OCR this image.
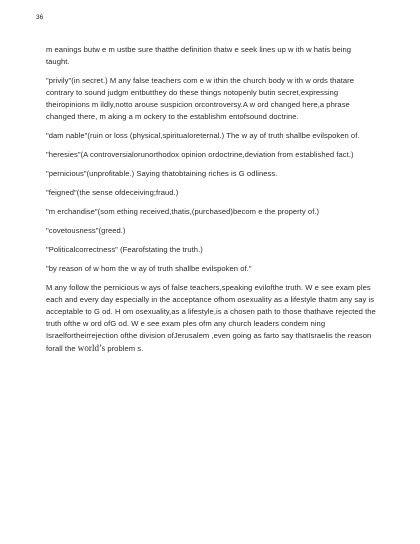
36

m eanings butw e m ustbe sure thatthe definition thatw e seek lines up w ith w hatis being taught.

"privily"(in secret.) M any false teachers com e w ithin the church body w ith w ords thatare contrary to sound judgm entbutthey do these things notopenly butin secret,expressing theiropinions m ildly,notto arouse suspicion orcontroversy.A w ord changed here,a phrase changed there, m aking a m ockery to the establishm entofsound doctrine.

"dam nable"(ruin or loss (physical,spiritualoreternal.) The w ay of truth shallbe evilspoken of.

"heresies"(A controversialorunorthodox opinion ordoctrine,deviation from established fact.)

"pernicious"(unprofitable.) Saying thatobtaining riches is G odliness.

"feigned"(the sense ofdeceiving;fraud.)

"m erchandise"(som ething received,thatis,(purchased)becom e the property of.)

"covetousness"(greed.)

"Politicalcorrectness" (Fearofstating the truth.)

"by reason of w hom the w ay of truth shallbe evilspoken of."

M any follow the pernicious w ays of false teachers,speaking evilofthe truth. W e see exam ples each and every day especially in the acceptance ofhom osexuality as a lifestyle thatm any say is acceptable to G od. H om osexuality,as a lifestyle,is a chosen path to those thathave rejected the truth ofthe w ord ofG od. W e see exam ples ofm any church leaders condem ning Israelfortheirrejection ofthe division ofJerusalem ,even going as farto say thatIsraelis the reason forall the world’s problem s.
